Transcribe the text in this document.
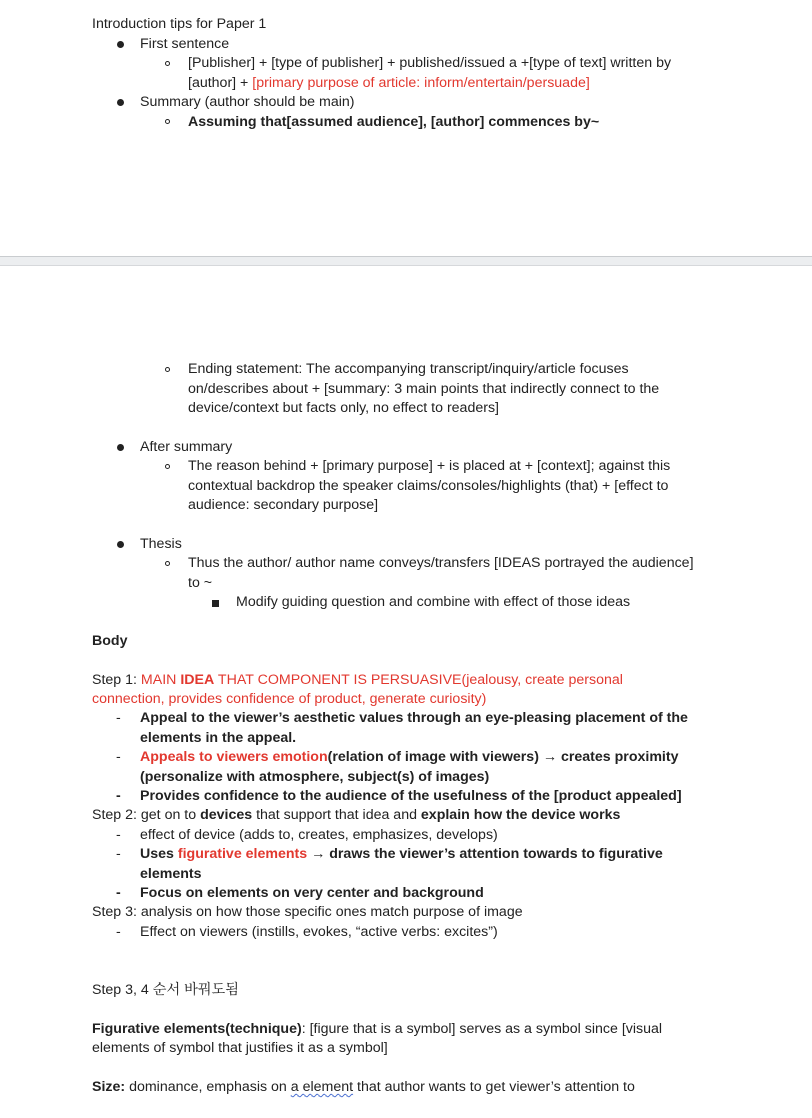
Introduction tips for Paper 1
First sentence
[Publisher] + [type of publisher] + published/issued a +[type of text] written by
[author] + [primary purpose of article: inform/entertain/persuade]
Summary (author should be main)
Assuming that[assumed audience], [author] commences by~
Ending statement: The accompanying transcript/inquiry/article focuses
on/describes about + [summary: 3 main points that indirectly connect to the
device/context but facts only, no effect to readers]
After summary
The reason behind + [primary purpose] + is placed at + [context]; against this
contextual backdrop the speaker claims/consoles/highlights (that) + [effect to
audience: secondary purpose]
Thesis
Thus the author/ author name conveys/transfers [IDEAS portrayed the audience]
to ~
Modify guiding question and combine with effect of those ideas
Body
Step 1: MAIN IDEA THAT COMPONENT IS PERSUASIVE(jealousy, create personal
connection, provides confidence of product, generate curiosity)
- Appeal to the viewer’s aesthetic values through an eye-pleasing placement of the
elements in the appeal.
- Appeals to viewers emotion(relation of image with viewers) → creates proximity
(personalize with atmosphere, subject(s) of images)
- Provides confidence to the audience of the usefulness of the [product appealed]
Step 2: get on to devices that support that idea and explain how the device works
- effect of device (adds to, creates, emphasizes, develops)
- Uses figurative elements → draws the viewer’s attention towards to figurative
elements
- Focus on elements on very center and background
Step 3: analysis on how those specific ones match purpose of image
- Effect on viewers (instills, evokes, “active verbs: excites”)
Step 3, 4 순서 바꿔도됨
Figurative elements(technique): [figure that is a symbol] serves as a symbol since [visual
elements of symbol that justifies it as a symbol]
Size: dominance, emphasis on a element that author wants to get viewer’s attention to
